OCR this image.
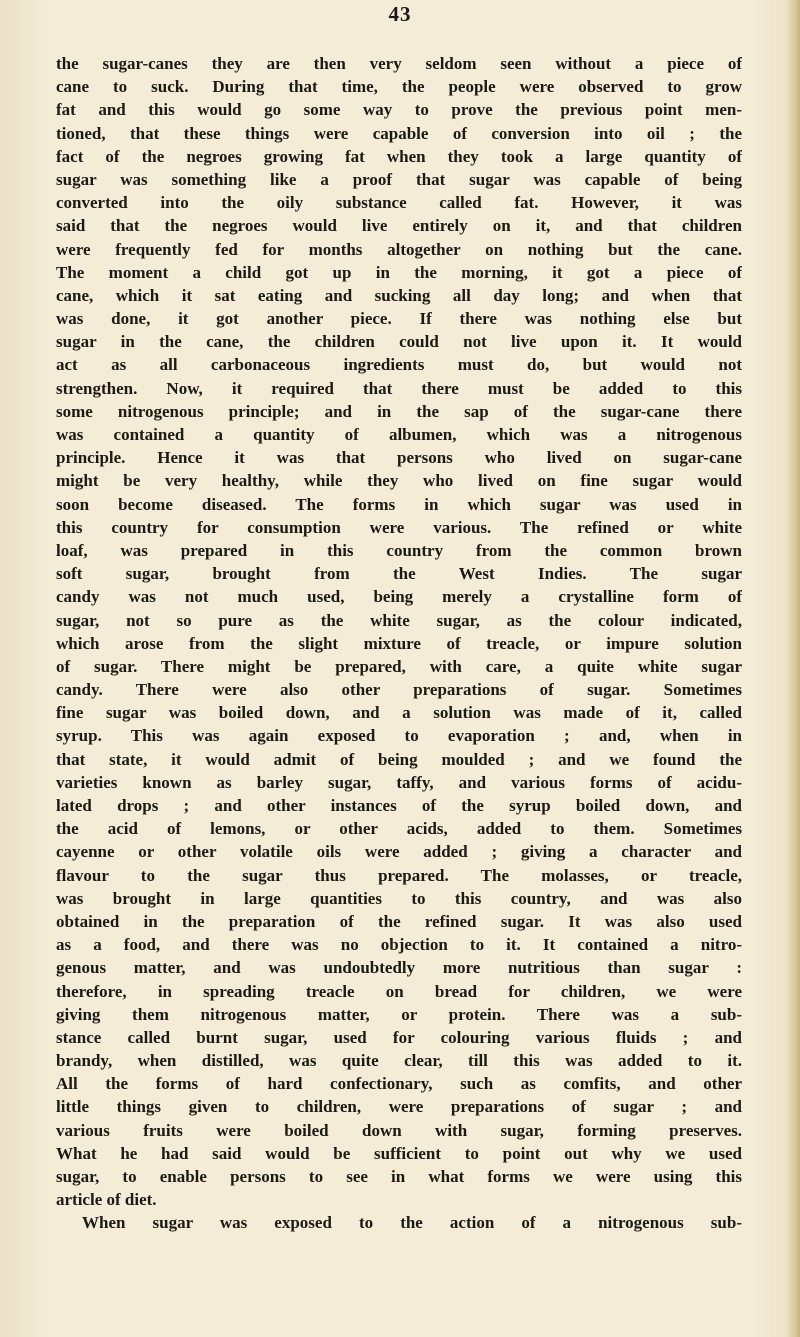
43
the sugar-canes they are then very seldom seen without a piece of
cane to suck. During that time, the people were observed to grow
fat and this would go some way to prove the previous point men-
tioned, that these things were capable of conversion into oil ; the
fact of the negroes growing fat when they took a large quantity of
sugar was something like a proof that sugar was capable of being
converted into the oily substance called fat. However, it was
said that the negroes would live entirely on it, and that children
were frequently fed for months altogether on nothing but the cane.
The moment a child got up in the morning, it got a piece of
cane, which it sat eating and sucking all day long; and when that
was done, it got another piece. If there was nothing else but
sugar in the cane, the children could not live upon it. It would
act as all carbonaceous ingredients must do, but would not
strengthen. Now, it required that there must be added to this
some nitrogenous principle; and in the sap of the sugar-cane there
was contained a quantity of albumen, which was a nitrogenous
principle. Hence it was that persons who lived on sugar-cane
might be very healthy, while they who lived on fine sugar would
soon become diseased. The forms in which sugar was used in
this country for consumption were various. The refined or white
loaf, was prepared in this country from the common brown
soft sugar, brought from the West Indies. The sugar
candy was not much used, being merely a crystalline form of
sugar, not so pure as the white sugar, as the colour indicated,
which arose from the slight mixture of treacle, or impure solution
of sugar. There might be prepared, with care, a quite white sugar
candy. There were also other preparations of sugar. Sometimes
fine sugar was boiled down, and a solution was made of it, called
syrup. This was again exposed to evaporation ; and, when in
that state, it would admit of being moulded ; and we found the
varieties known as barley sugar, taffy, and various forms of acidu-
lated drops ; and other instances of the syrup boiled down, and
the acid of lemons, or other acids, added to them. Sometimes
cayenne or other volatile oils were added ; giving a character and
flavour to the sugar thus prepared. The molasses, or treacle,
was brought in large quantities to this country, and was also
obtained in the preparation of the refined sugar. It was also used
as a food, and there was no objection to it. It contained a nitro-
genous matter, and was undoubtedly more nutritious than sugar :
therefore, in spreading treacle on bread for children, we were
giving them nitrogenous matter, or protein. There was a sub-
stance called burnt sugar, used for colouring various fluids ; and
brandy, when distilled, was quite clear, till this was added to it.
All the forms of hard confectionary, such as comfits, and other
little things given to children, were preparations of sugar ; and
various fruits were boiled down with sugar, forming preserves.
What he had said would be sufficient to point out why we used
sugar, to enable persons to see in what forms we were using this
article of diet.
When sugar was exposed to the action of a nitrogenous sub-
